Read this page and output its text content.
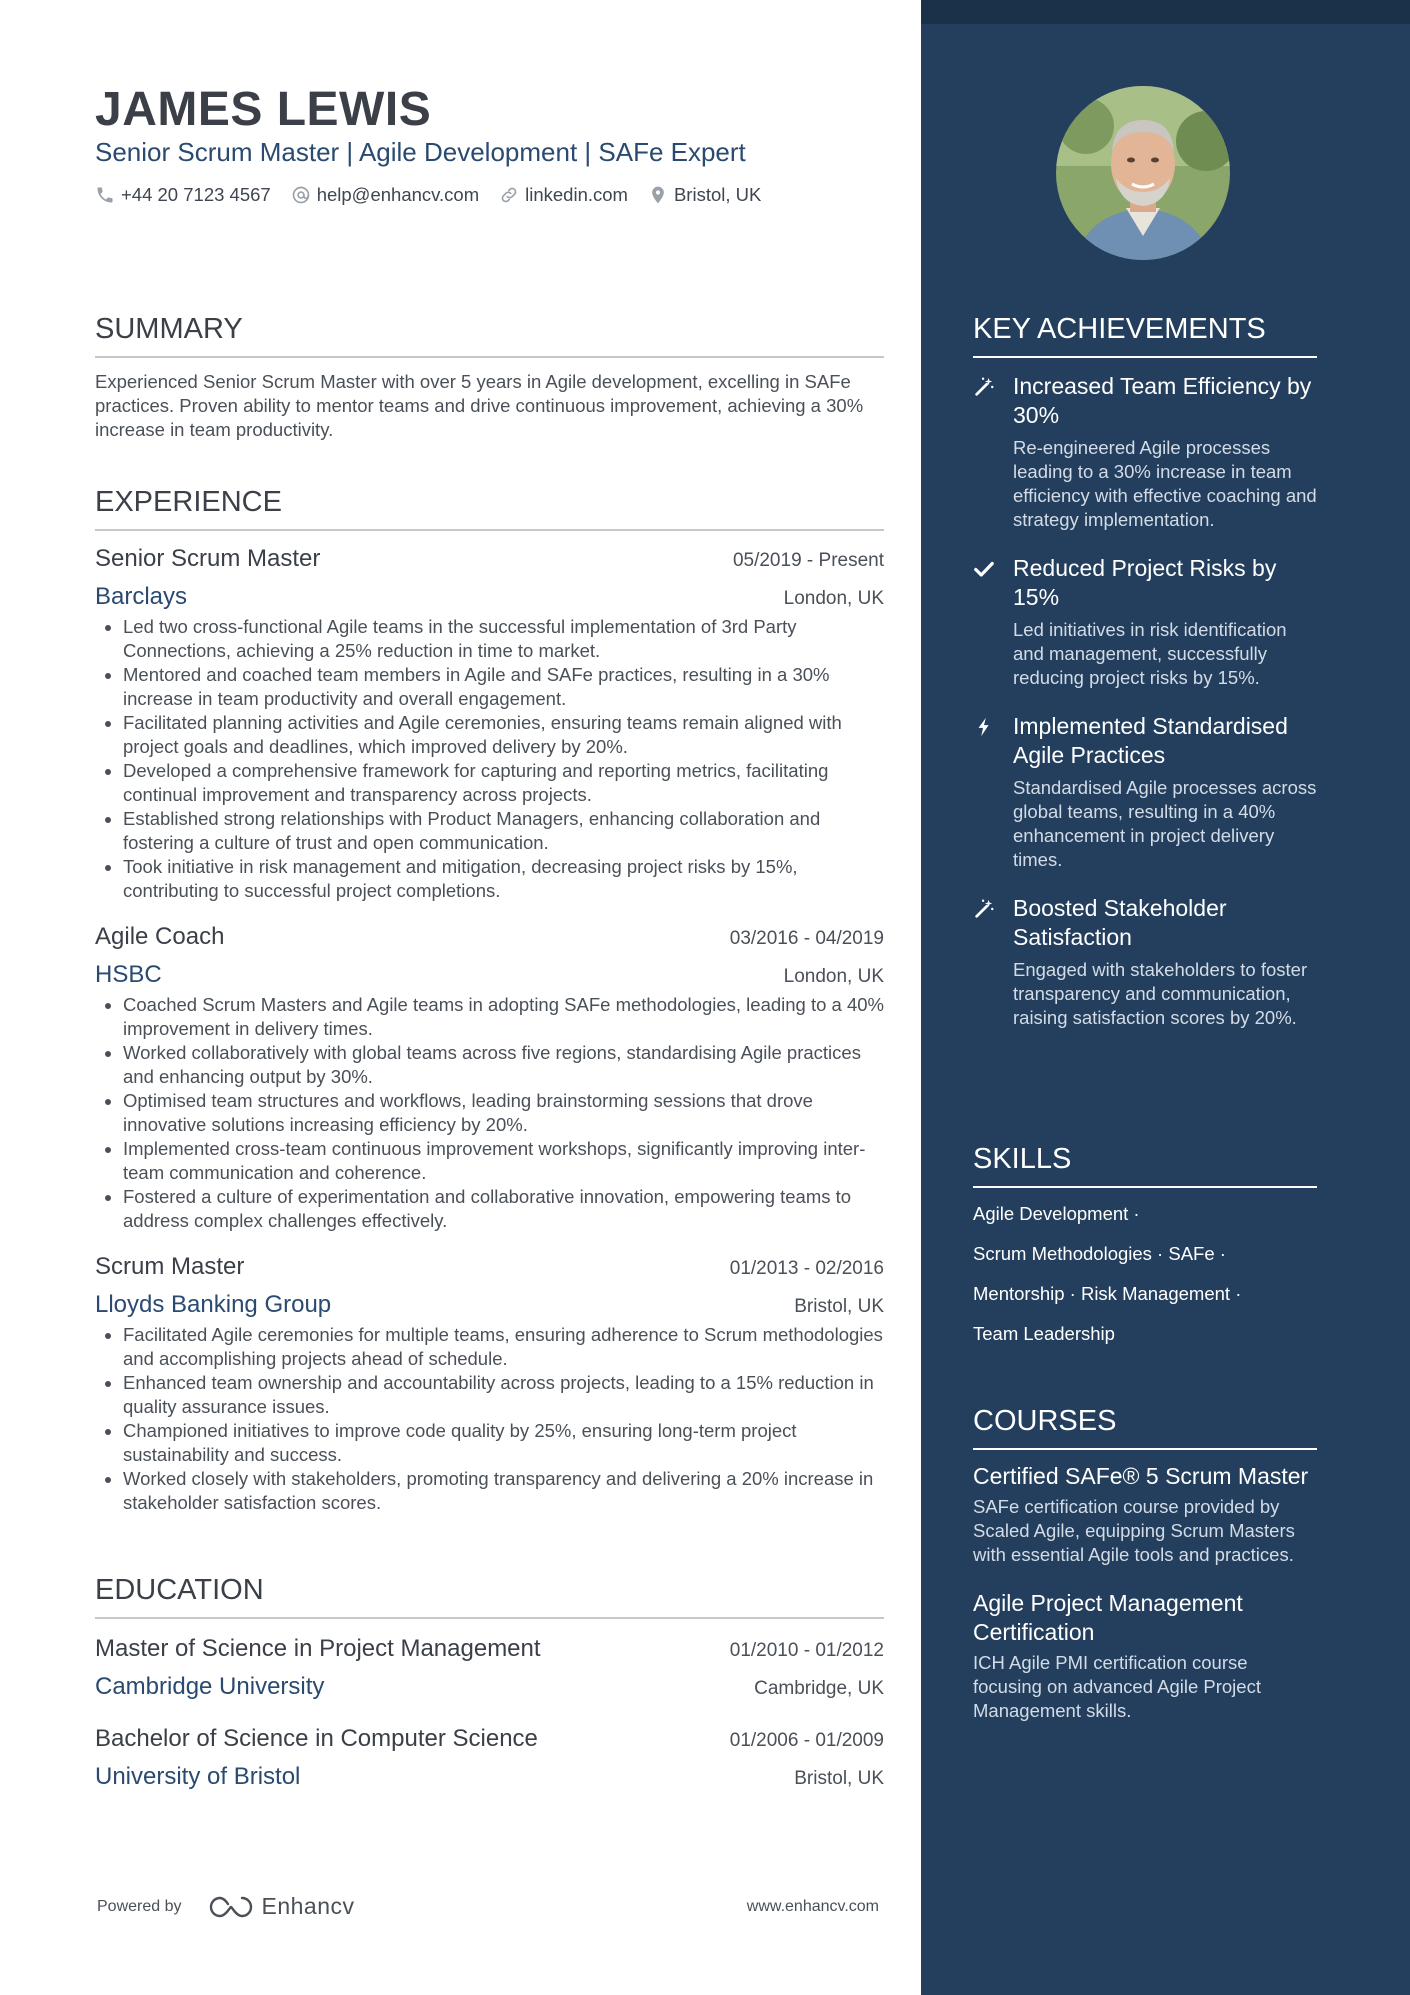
JAMES LEWIS
Senior Scrum Master | Agile Development | SAFe Expert
+44 20 7123 4567 help@enhancv.com linkedin.com Bristol, UK
SUMMARY

Experienced Senior Scrum Master with over 5 years in Agile development, excelling in SAFe practices. Proven ability to mentor teams and drive continuous improvement, achieving a 30% increase in team productivity.

EXPERIENCE
Senior Scrum Master	05/2019 - Present
Barclays	London, UK
• Led two cross-functional Agile teams in the successful implementation of 3rd Party Connections, achieving a 25% reduction in time to market.
• Mentored and coached team members in Agile and SAFe practices, resulting in a 30% increase in team productivity and overall engagement.
• Facilitated planning activities and Agile ceremonies, ensuring teams remain aligned with project goals and deadlines, which improved delivery by 20%.
• Developed a comprehensive framework for capturing and reporting metrics, facilitating continual improvement and transparency across projects.
• Established strong relationships with Product Managers, enhancing collaboration and fostering a culture of trust and open communication.
• Took initiative in risk management and mitigation, decreasing project risks by 15%, contributing to successful project completions.
Agile Coach	03/2016 - 04/2019
HSBC	London, UK
• Coached Scrum Masters and Agile teams in adopting SAFe methodologies, leading to a 40% improvement in delivery times.
• Worked collaboratively with global teams across five regions, standardising Agile practices and enhancing output by 30%.
• Optimised team structures and workflows, leading brainstorming sessions that drove innovative solutions increasing efficiency by 20%.
• Implemented cross-team continuous improvement workshops, significantly improving inter-team communication and coherence.
• Fostered a culture of experimentation and collaborative innovation, empowering teams to address complex challenges effectively.
Scrum Master	01/2013 - 02/2016
Lloyds Banking Group	Bristol, UK
• Facilitated Agile ceremonies for multiple teams, ensuring adherence to Scrum methodologies and accomplishing projects ahead of schedule.
• Enhanced team ownership and accountability across projects, leading to a 15% reduction in quality assurance issues.
• Championed initiatives to improve code quality by 25%, ensuring long-term project sustainability and success.
• Worked closely with stakeholders, promoting transparency and delivering a 20% increase in stakeholder satisfaction scores.
EDUCATION
Master of Science in Project Management	01/2010 - 01/2012
Cambridge University	Cambridge, UK
Bachelor of Science in Computer Science	01/2006 - 01/2009
University of Bristol	Bristol, UK
Powered by	Enhancv	www.enhancv.com
KEY ACHIEVEMENTS
Increased Team Efficiency by 30%
Re-engineered Agile processes leading to a 30% increase in team efficiency with effective coaching and strategy implementation.
Reduced Project Risks by 15%
Led initiatives in risk identification and management, successfully reducing project risks by 15%.
Implemented Standardised Agile Practices
Standardised Agile processes across global teams, resulting in a 40% enhancement in project delivery times.
Boosted Stakeholder Satisfaction
Engaged with stakeholders to foster transparency and communication, raising satisfaction scores by 20%.
SKILLS
Agile Development ·
Scrum Methodologies · SAFe ·
Mentorship · Risk Management ·
Team Leadership
COURSES
Certified SAFe® 5 Scrum Master
SAFe certification course provided by Scaled Agile, equipping Scrum Masters with essential Agile tools and practices.
Agile Project Management Certification
ICH Agile PMI certification course focusing on advanced Agile Project Management skills.
